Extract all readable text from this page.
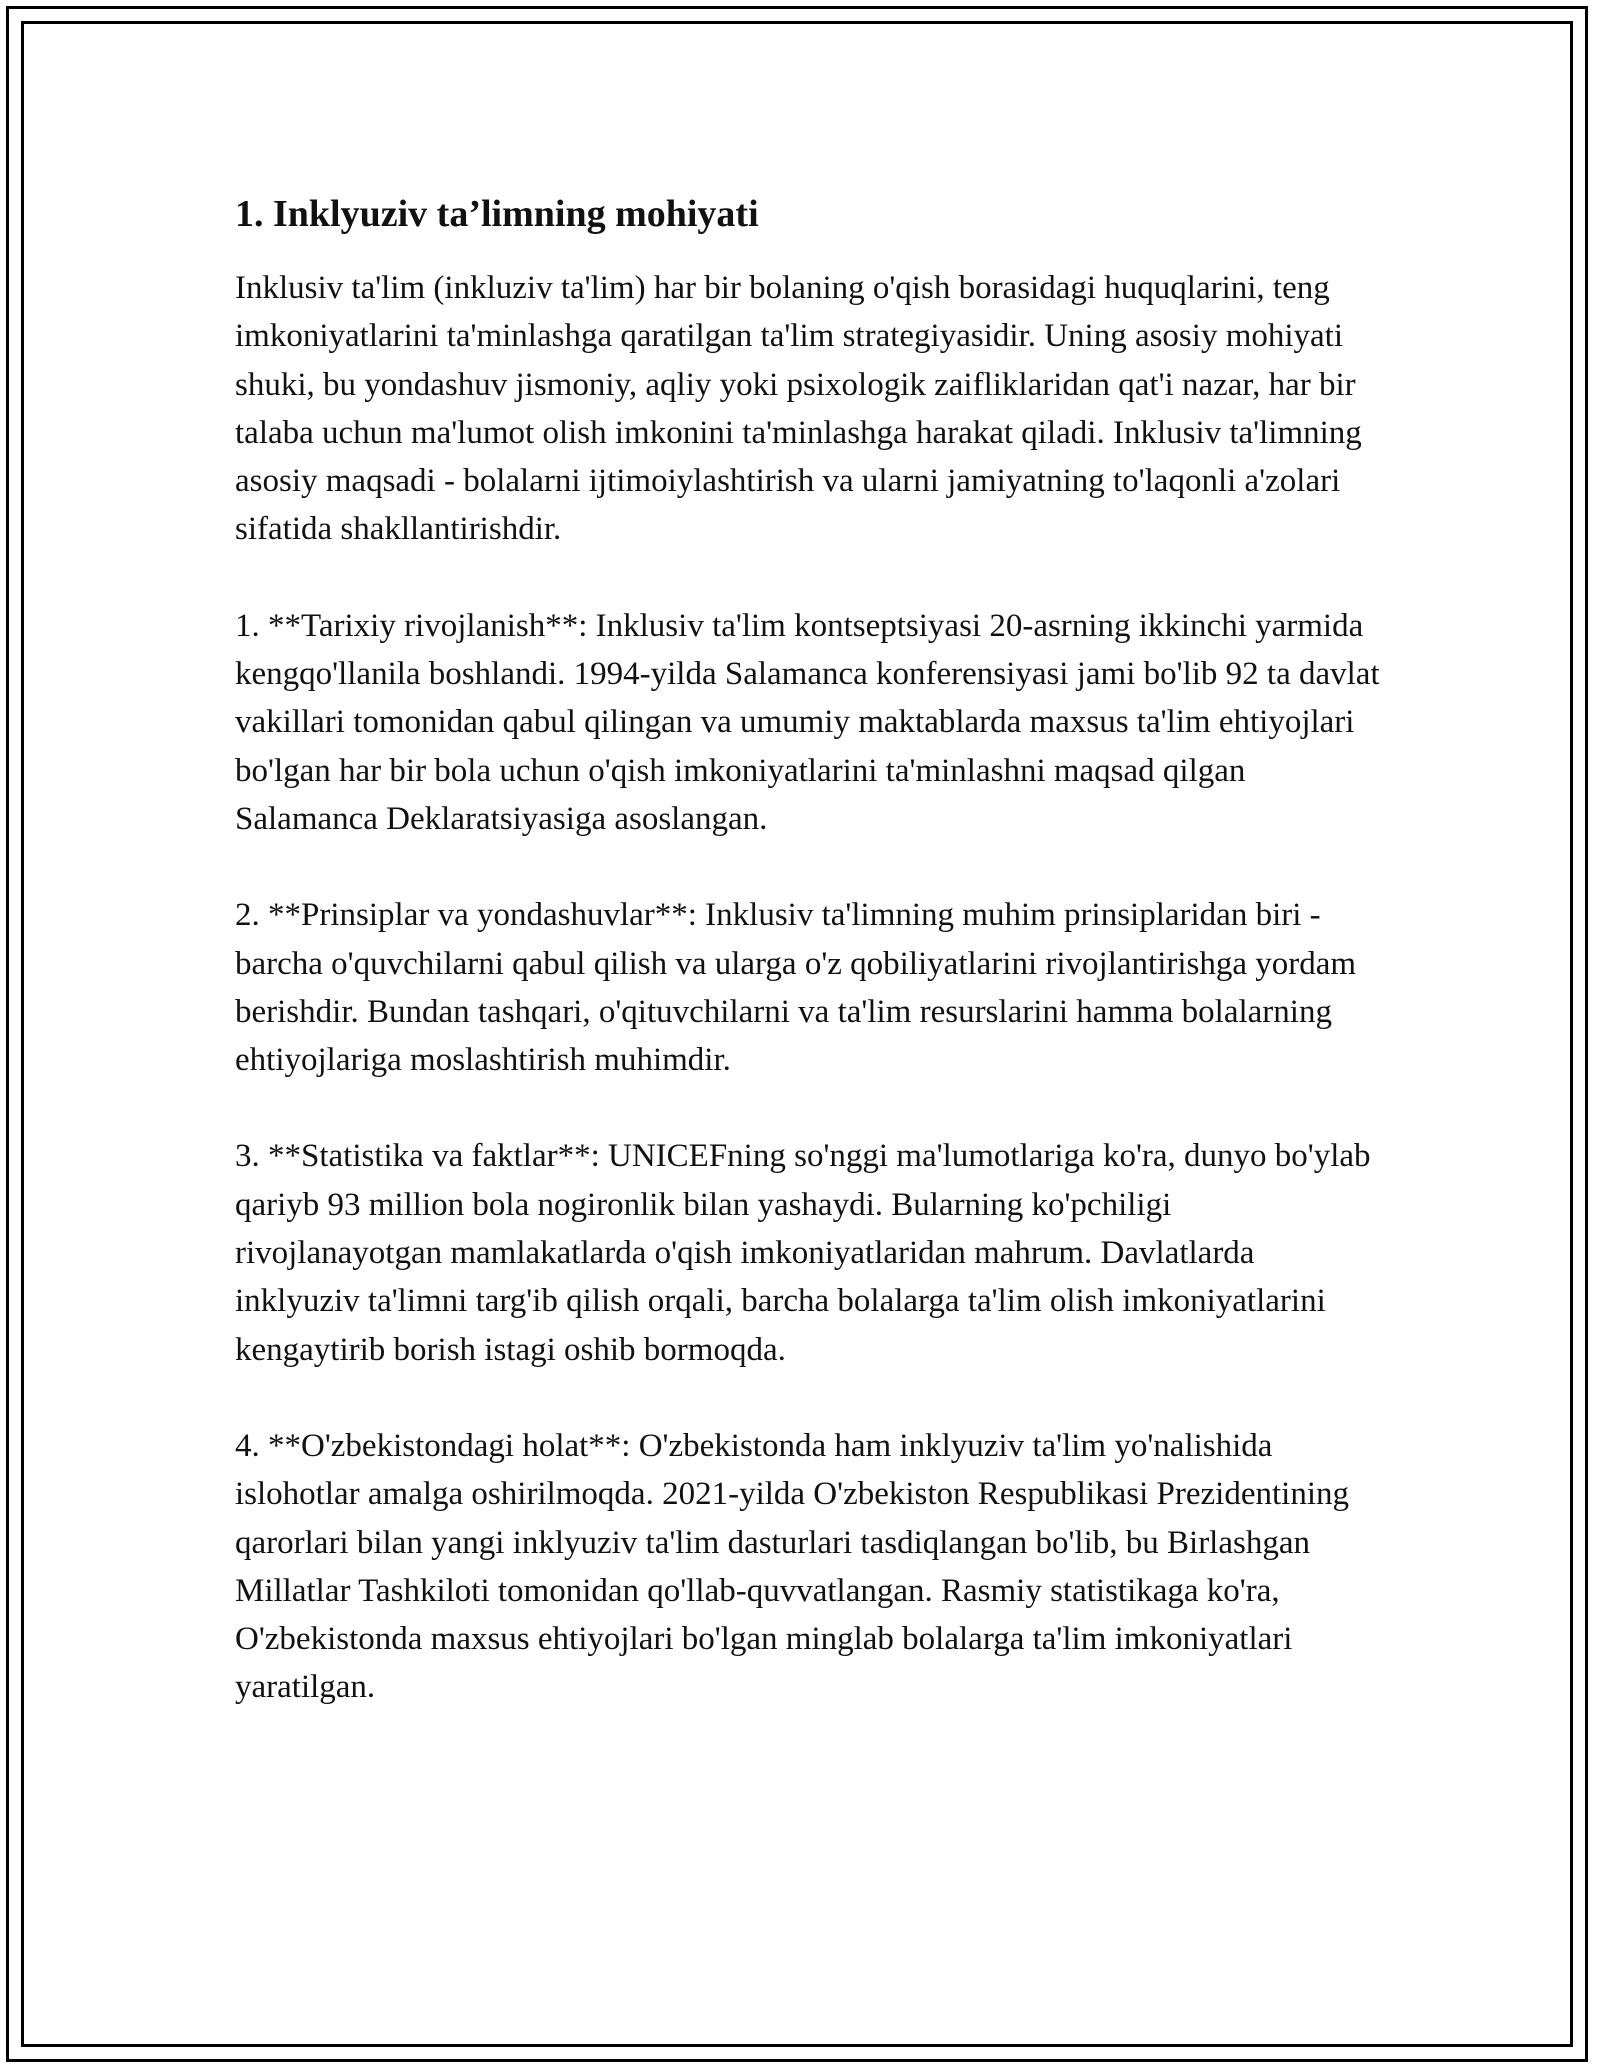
1. Inklyuziv ta’limning mohiyati

Inklusiv ta'lim (inkluziv ta'lim) har bir bolaning o'qish borasidagi huquqlarini, teng imkoniyatlarini ta'minlashga qaratilgan ta'lim strategiyasidir. Uning asosiy mohiyati shuki, bu yondashuv jismoniy, aqliy yoki psixologik zaifliklaridan qat'i nazar, har bir talaba uchun ma'lumot olish imkonini ta'minlashga harakat qiladi. Inklusiv ta'limning asosiy maqsadi - bolalarni ijtimoiylashtirish va ularni jamiyatning to'laqonli a'zolari sifatida shakllantirishdir.

1. **Tarixiy rivojlanish**: Inklusiv ta'lim kontseptsiyasi 20-asrning ikkinchi yarmida kengqo'llanila boshlandi. 1994-yilda Salamanca konferensiyasi jami bo'lib 92 ta davlat vakillari tomonidan qabul qilingan va umumiy maktablarda maxsus ta'lim ehtiyojlari bo'lgan har bir bola uchun o'qish imkoniyatlarini ta'minlashni maqsad qilgan Salamanca Deklaratsiyasiga asoslangan.

2. **Prinsiplar va yondashuvlar**: Inklusiv ta'limning muhim prinsiplaridan biri - barcha o'quvchilarni qabul qilish va ularga o'z qobiliyatlarini rivojlantirishga yordam berishdir. Bundan tashqari, o'qituvchilarni va ta'lim resurslarini hamma bolalarning ehtiyojlariga moslashtirish muhimdir.

3. **Statistika va faktlar**: UNICEFning so'nggi ma'lumotlariga ko'ra, dunyo bo'ylab qariyb 93 million bola nogironlik bilan yashaydi. Bularning ko'pchiligi rivojlanayotgan mamlakatlarda o'qish imkoniyatlaridan mahrum. Davlatlarda inklyuziv ta'limni targ'ib qilish orqali, barcha bolalarga ta'lim olish imkoniyatlarini kengaytirib borish istagi oshib bormoqda.

4. **O'zbekistondagi holat**: O'zbekistonda ham inklyuziv ta'lim yo'nalishida islohotlar amalga oshirilmoqda. 2021-yilda O'zbekiston Respublikasi Prezidentining qarorlari bilan yangi inklyuziv ta'lim dasturlari tasdiqlangan bo'lib, bu Birlashgan Millatlar Tashkiloti tomonidan qo'llab-quvvatlangan. Rasmiy statistikaga ko'ra, O'zbekistonda maxsus ehtiyojlari bo'lgan minglab bolalarga ta'lim imkoniyatlari yaratilgan.
